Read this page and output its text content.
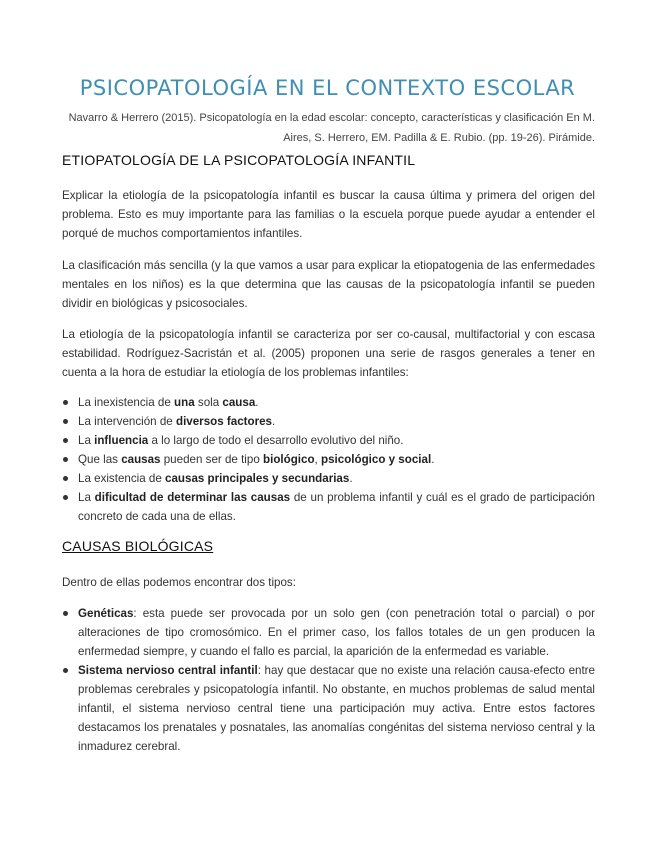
PSICOPATOLOGÍA EN EL CONTEXTO ESCOLAR
Navarro & Herrero (2015). Psicopatología en la edad escolar: concepto, características y clasificación En M.
Aires, S. Herrero, EM. Padilla & E. Rubio. (pp. 19-26). Pirámide.
ETIOPATOLOGÍA DE LA PSICOPATOLOGÍA INFANTIL

Explicar la etiología de la psicopatología infantil es buscar la causa última y primera del origen del problema. Esto es muy importante para las familias o la escuela porque puede ayudar a entender el porqué de muchos comportamientos infantiles.

La clasificación más sencilla (y la que vamos a usar para explicar la etiopatogenia de las enfermedades mentales en los niños) es la que determina que las causas de la psicopatología infantil se pueden dividir en biológicas y psicosociales.

La etiología de la psicopatología infantil se caracteriza por ser co-causal, multifactorial y con escasa estabilidad. Rodríguez-Sacristán et al. (2005) proponen una serie de rasgos generales a tener en cuenta a la hora de estudiar la etiología de los problemas infantiles:

La inexistencia de una sola causa.
La intervención de diversos factores.
La influencia a lo largo de todo el desarrollo evolutivo del niño.
Que las causas pueden ser de tipo biológico, psicológico y social.
La existencia de causas principales y secundarias.
La dificultad de determinar las causas de un problema infantil y cuál es el grado de participación concreto de cada una de ellas.
CAUSAS BIOLÓGICAS

Dentro de ellas podemos encontrar dos tipos:

Genéticas: esta puede ser provocada por un solo gen (con penetración total o parcial) o por alteraciones de tipo cromosómico. En el primer caso, los fallos totales de un gen producen la enfermedad siempre, y cuando el fallo es parcial, la aparición de la enfermedad es variable.
Sistema nervioso central infantil: hay que destacar que no existe una relación causa-efecto entre problemas cerebrales y psicopatología infantil. No obstante, en muchos problemas de salud mental infantil, el sistema nervioso central tiene una participación muy activa. Entre estos factores destacamos los prenatales y posnatales, las anomalías congénitas del sistema nervioso central y la inmadurez cerebral.
